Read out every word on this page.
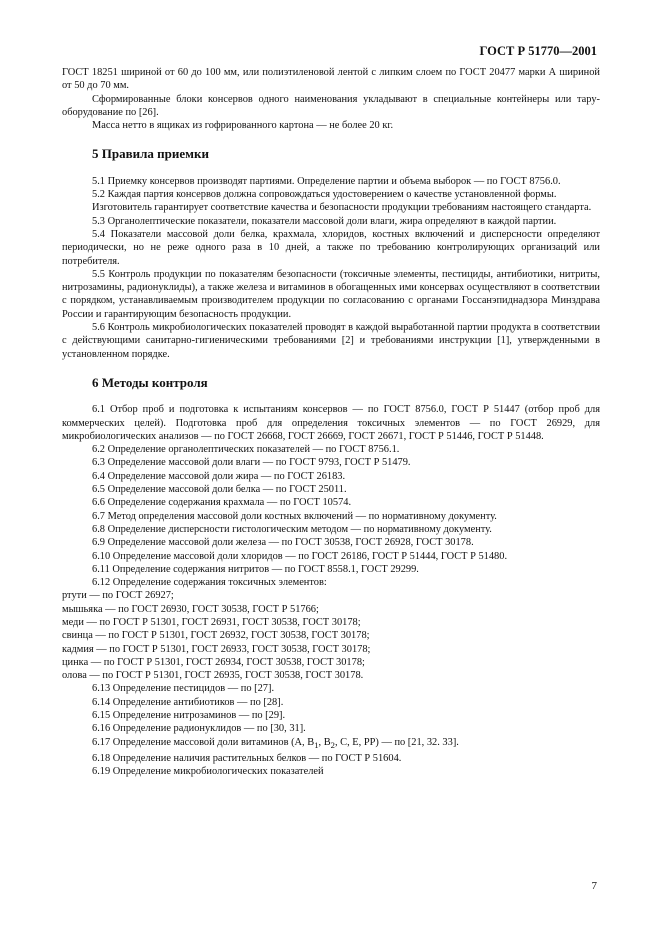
ГОСТ Р 51770—2001

ГОСТ 18251 шириной от 60 до 100 мм, или полиэтиленовой лентой с липким слоем по ГОСТ 20477 марки А шириной от 50 до 70 мм.

Сформированные блоки консервов одного наименования укладывают в специальные контейнеры или тару-оборудование по [26].

Масса нетто в ящиках из гофрированного картона — не более 20 кг.

5 Правила приемки

5.1 Приемку консервов производят партиями. Определение партии и объема выборок — по ГОСТ 8756.0.

5.2 Каждая партия консервов должна сопровождаться удостоверением о качестве установленной формы.

Изготовитель гарантирует соответствие качества и безопасности продукции требованиям настоящего стандарта.

5.3 Органолептические показатели, показатели массовой доли влаги, жира определяют в каждой партии.

5.4 Показатели массовой доли белка, крахмала, хлоридов, костных включений и дисперсности определяют периодически, но не реже одного раза в 10 дней, а также по требованию контролирующих организаций или потребителя.

5.5 Контроль продукции по показателям безопасности (токсичные элементы, пестициды, антибиотики, нитриты, нитрозамины, радионуклиды), а также железа и витаминов в обогащенных ими консервах осуществляют в соответствии с порядком, устанавливаемым производителем продукции по согласованию с органами Госсанэпиднадзора Минздрава России и гарантирующим безопасность продукции.

5.6 Контроль микробиологических показателей проводят в каждой выработанной партии продукта в соответствии с действующими санитарно-гигиеническими требованиями [2] и требованиями инструкции [1], утвержденными в установленном порядке.

6 Методы контроля

6.1 Отбор проб и подготовка к испытаниям консервов — по ГОСТ 8756.0, ГОСТ Р 51447 (отбор проб для коммерческих целей). Подготовка проб для определения токсичных элементов — по ГОСТ 26929, для микробиологических анализов — по ГОСТ 26668, ГОСТ 26669, ГОСТ 26671, ГОСТ Р 51446, ГОСТ Р 51448.

6.2 Определение органолептических показателей — по ГОСТ 8756.1.

6.3 Определение массовой доли влаги — по ГОСТ 9793, ГОСТ Р 51479.

6.4 Определение массовой доли жира — по ГОСТ 26183.

6.5 Определение массовой доли белка — по ГОСТ 25011.

6.6 Определение содержания крахмала — по ГОСТ 10574.

6.7 Метод определения массовой доли костных включений — по нормативному документу.

6.8 Определение дисперсности гистологическим методом — по нормативному документу.

6.9 Определение массовой доли железа — по ГОСТ 30538, ГОСТ 26928, ГОСТ 30178.

6.10 Определение массовой доли хлоридов — по ГОСТ 26186, ГОСТ Р 51444, ГОСТ Р 51480.

6.11 Определение содержания нитритов — по ГОСТ 8558.1, ГОСТ 29299.

6.12 Определение содержания токсичных элементов:

ртути — по ГОСТ 26927;

мышьяка — по ГОСТ 26930, ГОСТ 30538, ГОСТ Р 51766;

меди — по ГОСТ Р 51301, ГОСТ 26931, ГОСТ 30538, ГОСТ 30178;

свинца — по ГОСТ Р 51301, ГОСТ 26932, ГОСТ 30538, ГОСТ 30178;

кадмия — по ГОСТ Р 51301, ГОСТ 26933, ГОСТ 30538, ГОСТ 30178;

цинка — по ГОСТ Р 51301, ГОСТ 26934, ГОСТ 30538, ГОСТ 30178;

олова — по ГОСТ Р 51301, ГОСТ 26935, ГОСТ 30538, ГОСТ 30178.

6.13 Определение пестицидов — по [27].

6.14 Определение антибиотиков — по [28].

6.15 Определение нитрозаминов — по [29].

6.16 Определение радионуклидов — по [30, 31].

6.17 Определение массовой доли витаминов (А, $В_1$, $В_2$, С, Е, РР) — по [21, 32. 33].

6.18 Определение наличия растительных белков — по ГОСТ Р 51604.

6.19 Определение микробиологических показателей

7
